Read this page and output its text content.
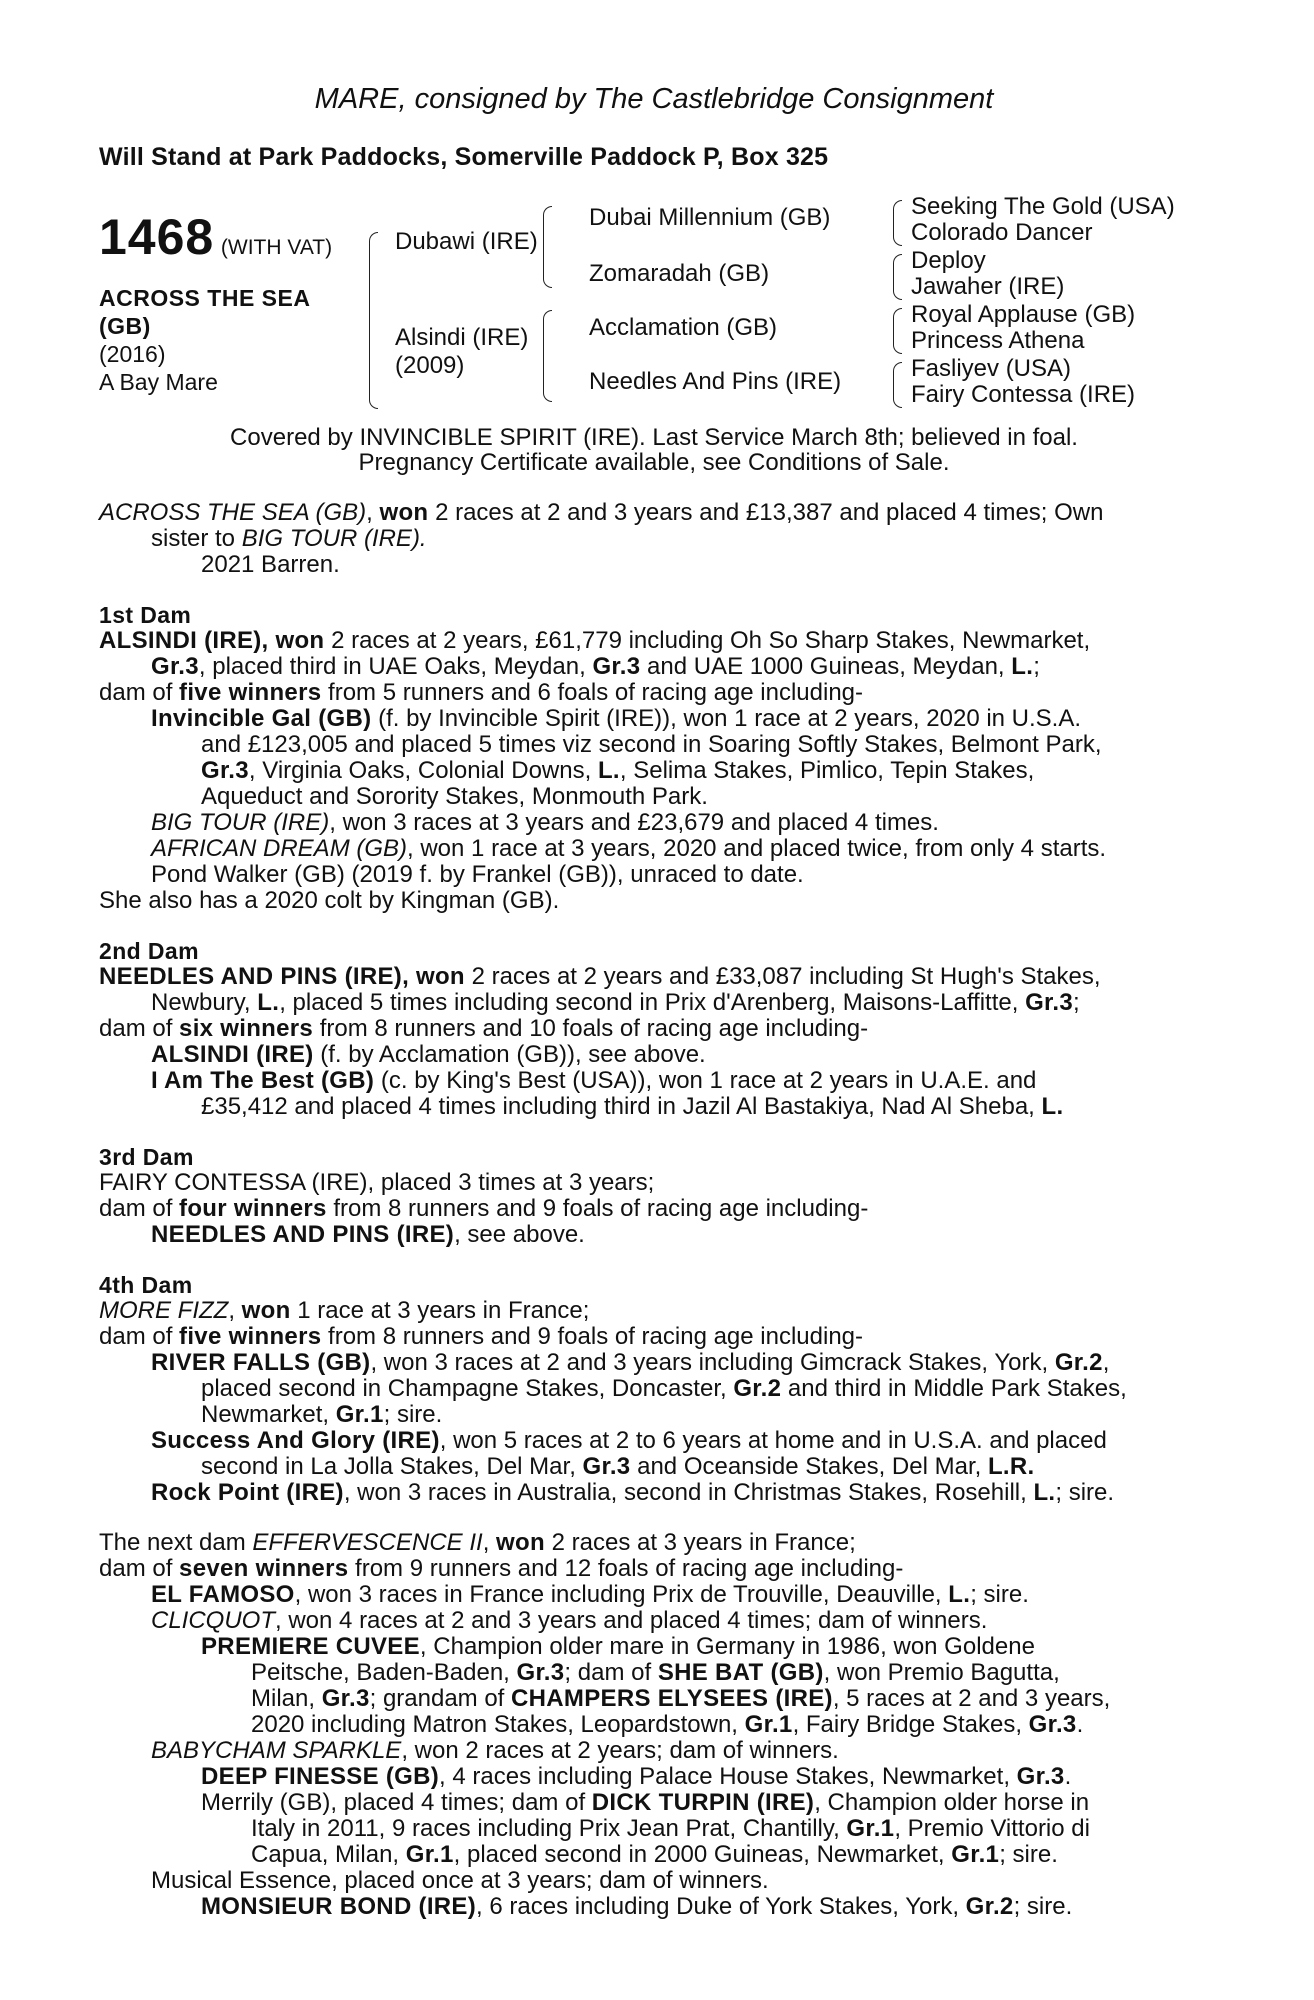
MARE, consigned by The Castlebridge Consignment
Will Stand at Park Paddocks, Somerville Paddock P, Box 325
1468 (WITH VAT)
ACROSS THE SEA
(GB)
(2016)
A Bay Mare
Dubawi (IRE)
Alsindi (IRE)
(2009)
Dubai Millennium (GB)
Zomaradah (GB)
Acclamation (GB)
Needles And Pins (IRE)
Seeking The Gold (USA)
Colorado Dancer
Deploy
Jawaher (IRE)
Royal Applause (GB)
Princess Athena
Fasliyev (USA)
Fairy Contessa (IRE)
Covered by INVINCIBLE SPIRIT (IRE). Last Service March 8th; believed in foal.
Pregnancy Certificate available, see Conditions of Sale.
ACROSS THE SEA (GB), won 2 races at 2 and 3 years and £13,387 and placed 4 times; Own
sister to BIG TOUR (IRE).
2021 Barren.
1st Dam
ALSINDI (IRE), won 2 races at 2 years, £61,779 including Oh So Sharp Stakes, Newmarket,
Gr.3, placed third in UAE Oaks, Meydan, Gr.3 and UAE 1000 Guineas, Meydan, L.;
dam of five winners from 5 runners and 6 foals of racing age including-
Invincible Gal (GB) (f. by Invincible Spirit (IRE)), won 1 race at 2 years, 2020 in U.S.A.
and £123,005 and placed 5 times viz second in Soaring Softly Stakes, Belmont Park,
Gr.3, Virginia Oaks, Colonial Downs, L., Selima Stakes, Pimlico, Tepin Stakes,
Aqueduct and Sorority Stakes, Monmouth Park.
BIG TOUR (IRE), won 3 races at 3 years and £23,679 and placed 4 times.
AFRICAN DREAM (GB), won 1 race at 3 years, 2020 and placed twice, from only 4 starts.
Pond Walker (GB) (2019 f. by Frankel (GB)), unraced to date.
She also has a 2020 colt by Kingman (GB).
2nd Dam
NEEDLES AND PINS (IRE), won 2 races at 2 years and £33,087 including St Hugh's Stakes,
Newbury, L., placed 5 times including second in Prix d'Arenberg, Maisons-Laffitte, Gr.3;
dam of six winners from 8 runners and 10 foals of racing age including-
ALSINDI (IRE) (f. by Acclamation (GB)), see above.
I Am The Best (GB) (c. by King's Best (USA)), won 1 race at 2 years in U.A.E. and
£35,412 and placed 4 times including third in Jazil Al Bastakiya, Nad Al Sheba, L.
3rd Dam
FAIRY CONTESSA (IRE), placed 3 times at 3 years;
dam of four winners from 8 runners and 9 foals of racing age including-
NEEDLES AND PINS (IRE), see above.
4th Dam
MORE FIZZ, won 1 race at 3 years in France;
dam of five winners from 8 runners and 9 foals of racing age including-
RIVER FALLS (GB), won 3 races at 2 and 3 years including Gimcrack Stakes, York, Gr.2,
placed second in Champagne Stakes, Doncaster, Gr.2 and third in Middle Park Stakes,
Newmarket, Gr.1; sire.
Success And Glory (IRE), won 5 races at 2 to 6 years at home and in U.S.A. and placed
second in La Jolla Stakes, Del Mar, Gr.3 and Oceanside Stakes, Del Mar, L.R.
Rock Point (IRE), won 3 races in Australia, second in Christmas Stakes, Rosehill, L.; sire.
The next dam EFFERVESCENCE II, won 2 races at 3 years in France;
dam of seven winners from 9 runners and 12 foals of racing age including-
EL FAMOSO, won 3 races in France including Prix de Trouville, Deauville, L.; sire.
CLICQUOT, won 4 races at 2 and 3 years and placed 4 times; dam of winners.
PREMIERE CUVEE, Champion older mare in Germany in 1986, won Goldene
Peitsche, Baden-Baden, Gr.3; dam of SHE BAT (GB), won Premio Bagutta,
Milan, Gr.3; grandam of CHAMPERS ELYSEES (IRE), 5 races at 2 and 3 years,
2020 including Matron Stakes, Leopardstown, Gr.1, Fairy Bridge Stakes, Gr.3.
BABYCHAM SPARKLE, won 2 races at 2 years; dam of winners.
DEEP FINESSE (GB), 4 races including Palace House Stakes, Newmarket, Gr.3.
Merrily (GB), placed 4 times; dam of DICK TURPIN (IRE), Champion older horse in
Italy in 2011, 9 races including Prix Jean Prat, Chantilly, Gr.1, Premio Vittorio di
Capua, Milan, Gr.1, placed second in 2000 Guineas, Newmarket, Gr.1; sire.
Musical Essence, placed once at 3 years; dam of winners.
MONSIEUR BOND (IRE), 6 races including Duke of York Stakes, York, Gr.2; sire.
